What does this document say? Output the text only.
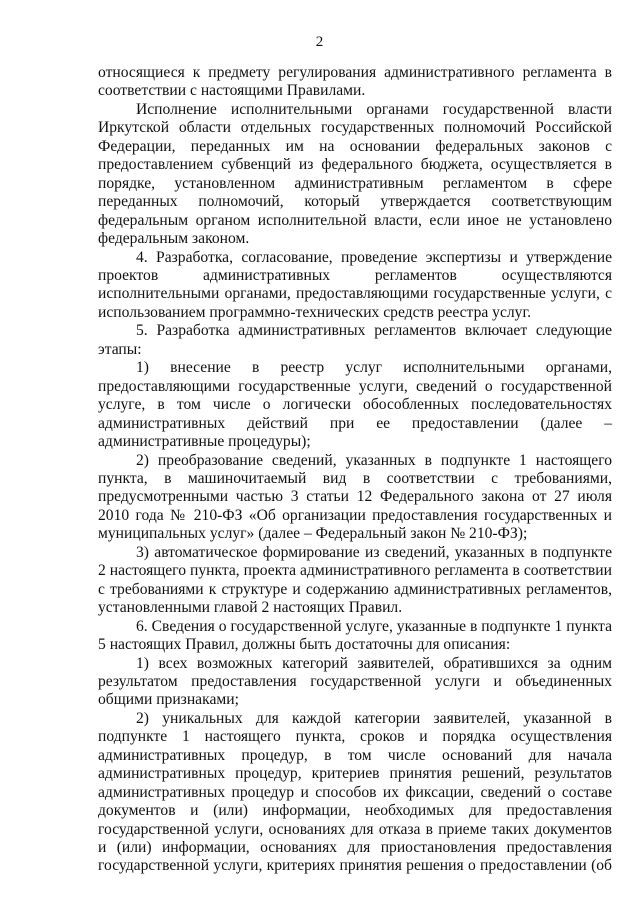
2

относящиеся к предмету регулирования административного регламента в соответствии с настоящими Правилами.

Исполнение исполнительными органами государственной власти Иркутской области отдельных государственных полномочий Российской Федерации, переданных им на основании федеральных законов с предоставлением субвенций из федерального бюджета, осуществляется в порядке, установленном административным регламентом в сфере переданных полномочий, который утверждается соответствующим федеральным органом исполнительной власти, если иное не установлено федеральным законом.

4. Разработка, согласование, проведение экспертизы и утверждение проектов административных регламентов осуществляются исполнительными органами, предоставляющими государственные услуги, с использованием программно-технических средств реестра услуг.

5. Разработка административных регламентов включает следующие этапы:

1) внесение в реестр услуг исполнительными органами, предоставляющими государственные услуги, сведений о государственной услуге, в том числе о логически обособленных последовательностях административных действий при ее предоставлении (далее – административные процедуры);

2) преобразование сведений, указанных в подпункте 1 настоящего пункта, в машиночитаемый вид в соответствии с требованиями, предусмотренными частью 3 статьи 12 Федерального закона от 27 июля 2010 года № 210-ФЗ «Об организации предоставления государственных и муниципальных услуг» (далее – Федеральный закон № 210-ФЗ);

3) автоматическое формирование из сведений, указанных в подпункте 2 настоящего пункта, проекта административного регламента в соответствии с требованиями к структуре и содержанию административных регламентов, установленными главой 2 настоящих Правил.

6. Сведения о государственной услуге, указанные в подпункте 1 пункта 5 настоящих Правил, должны быть достаточны для описания:

1) всех возможных категорий заявителей, обратившихся за одним результатом предоставления государственной услуги и объединенных общими признаками;

2) уникальных для каждой категории заявителей, указанной в подпункте 1 настоящего пункта, сроков и порядка осуществления административных процедур, в том числе оснований для начала административных процедур, критериев принятия решений, результатов административных процедур и способов их фиксации, сведений о составе документов и (или) информации, необходимых для предоставления государственной услуги, основаниях для отказа в приеме таких документов и (или) информации, основаниях для приостановления предоставления государственной услуги, критериях принятия решения о предоставлении (об
